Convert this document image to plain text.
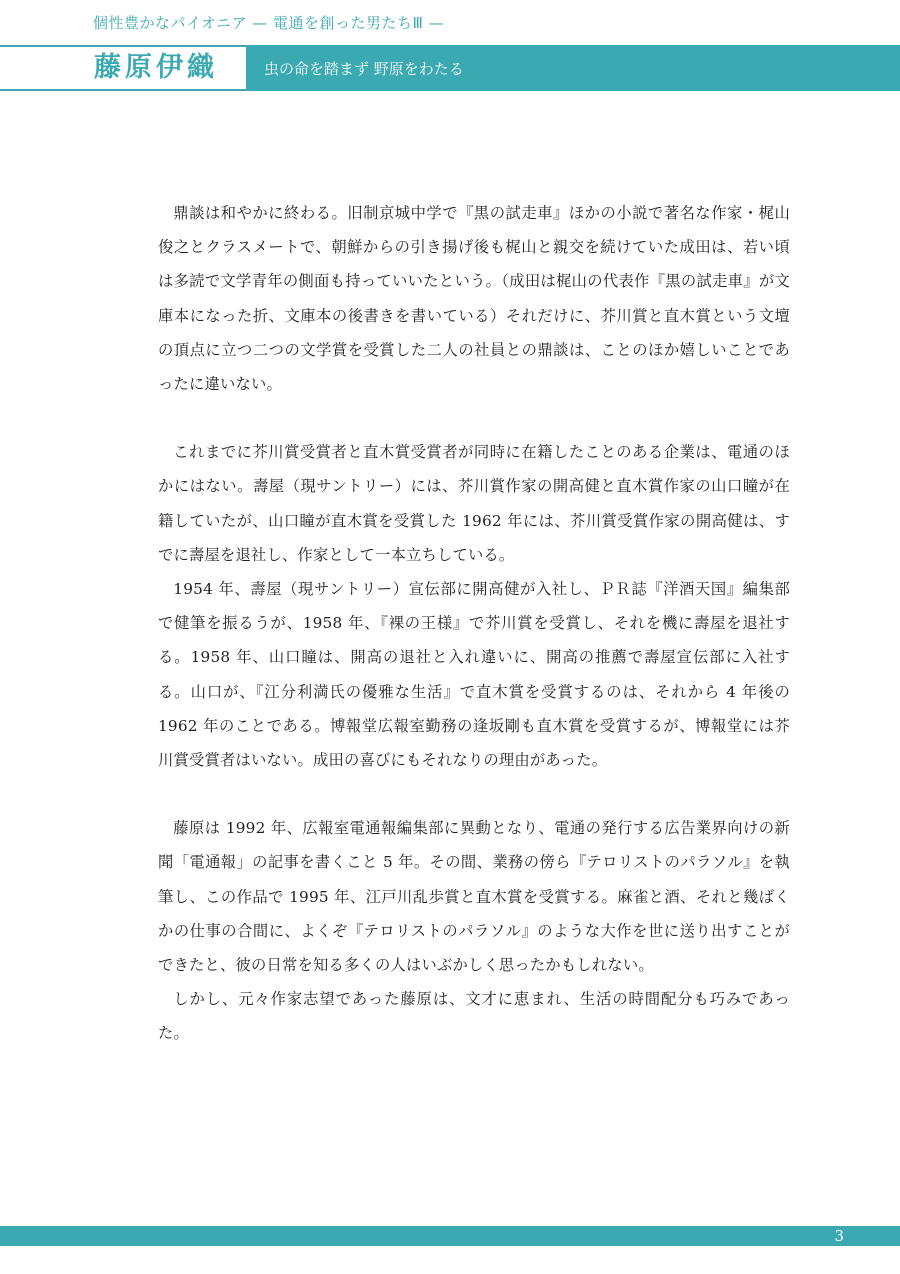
個性豊かなパイオニア — 電通を創った男たちⅢ —
藤原伊織	虫の命を踏まず 野原をわたる

鼎談は和やかに終わる。旧制京城中学で『黒の試走車』ほかの小説で著名な作家・梶山俊之とクラスメートで、朝鮮からの引き揚げ後も梶山と親交を続けていた成田は、若い頃は多読で文学青年の側面も持っていいたという。（成田は梶山の代表作『黒の試走車』が文庫本になった折、文庫本の後書きを書いている）それだけに、芥川賞と直木賞という文壇の頂点に立つ二つの文学賞を受賞した二人の社員との鼎談は、ことのほか嬉しいことであったに違いない。

これまでに芥川賞受賞者と直木賞受賞者が同時に在籍したことのある企業は、電通のほかにはない。壽屋（現サントリー）には、芥川賞作家の開高健と直木賞作家の山口瞳が在籍していたが、山口瞳が直木賞を受賞した 1962 年には、芥川賞受賞作家の開高健は、すでに壽屋を退社し、作家として一本立ちしている。

1954 年、壽屋（現サントリー）宣伝部に開高健が入社し、ＰＲ誌『洋酒天国』編集部で健筆を振るうが、1958 年、『裸の王様』で芥川賞を受賞し、それを機に壽屋を退社する。1958 年、山口瞳は、開高の退社と入れ違いに、開高の推薦で壽屋宣伝部に入社する。山口が、『江分利満氏の優雅な生活』で直木賞を受賞するのは、それから 4 年後の 1962 年のことである。博報堂広報室勤務の逢坂剛も直木賞を受賞するが、博報堂には芥川賞受賞者はいない。成田の喜びにもそれなりの理由があった。

藤原は 1992 年、広報室電通報編集部に異動となり、電通の発行する広告業界向けの新聞「電通報」の記事を書くこと 5 年。その間、業務の傍ら『テロリストのパラソル』を執筆し、この作品で 1995 年、江戸川乱歩賞と直木賞を受賞する。麻雀と酒、それと幾ばくかの仕事の合間に、よくぞ『テロリストのパラソル』のような大作を世に送り出すことができたと、彼の日常を知る多くの人はいぶかしく思ったかもしれない。

しかし、元々作家志望であった藤原は、文才に恵まれ、生活の時間配分も巧みであった。

3
